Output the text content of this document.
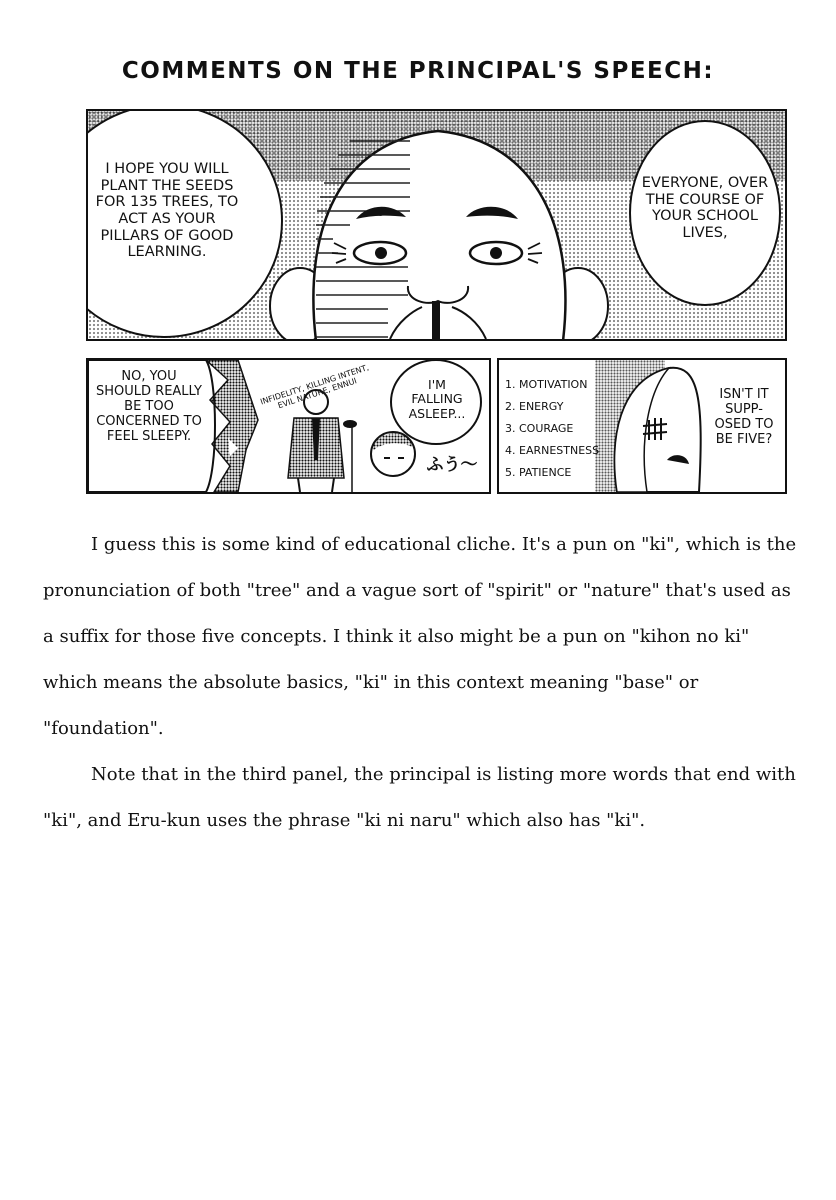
COMMENTS ON THE PRINCIPAL'S SPEECH:
I HOPE YOU WILL PLANT THE SEEDS FOR 135 TREES, TO ACT AS YOUR PILLARS OF GOOD LEARNING.
EVERYONE, OVER THE COURSE OF YOUR SCHOOL LIVES,
NO, YOU SHOULD REALLY BE TOO CONCERNED TO FEEL SLEEPY.
INFIDELITY, KILLING INTENT, EVIL NATURE, ENNUI	I'M FALLING ASLEEP...
ふう〜
1. MOTIVATION
2. ENERGY
3. COURAGE
4. EARNESTNESS
5. PATIENCE
ISN'T IT SUPP-OSED TO BE FIVE?

I guess this is some kind of educational cliche. It's a pun on "ki", which is the pronunciation of both "tree" and a vague sort of "spirit" or "nature" that's used as a suffix for those five concepts. I think it also might be a pun on "kihon no ki" which means the absolute basics, "ki" in this context meaning "base" or "foundation".

Note that in the third panel, the principal is listing more words that end with "ki", and Eru-kun uses the phrase "ki ni naru" which also has "ki".
